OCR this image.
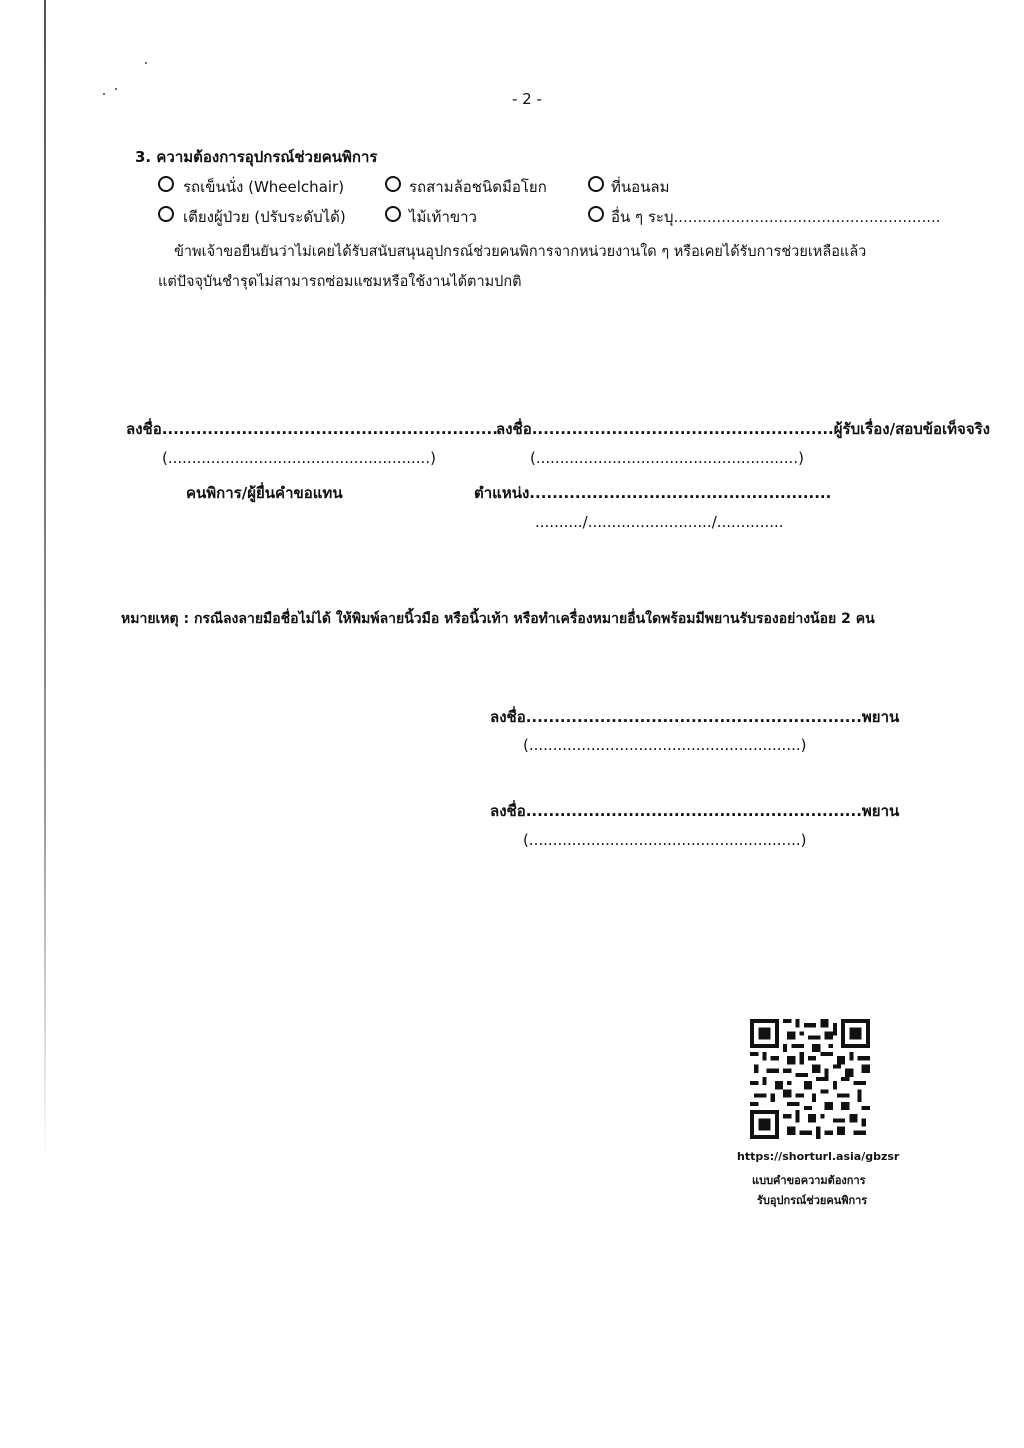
- 2 -
3. ความต้องการอุปกรณ์ช่วยคนพิการ
รถเข็นนั่ง (Wheelchair)	รถสามล้อชนิดมือโยก	ที่นอนลม
เตียงผู้ป่วย (ปรับระดับได้)	ไม้เท้าขาว	อื่น ๆ ระบุ........................................................
ข้าพเจ้าขอยืนยันว่าไม่เคยได้รับสนับสนุนอุปกรณ์ช่วยคนพิการจากหน่วยงานใด ๆ หรือเคยได้รับการช่วยเหลือแล้ว
แต่ปัจจุบันชำรุดไม่สามารถซ่อมแซมหรือใช้งานได้ตามปกติ
ลงชื่อ...........................................................
(.......................................................)
คนพิการ/ผู้ยื่นคำขอแทน
ลงชื่อ.....................................................ผู้รับเรื่อง/สอบข้อเท็จจริง
(.......................................................)
ตำแหน่ง.....................................................
........../........................../..............
หมายเหตุ : กรณีลงลายมือชื่อไม่ได้ ให้พิมพ์ลายนิ้วมือ หรือนิ้วเท้า หรือทำเครื่องหมายอื่นใดพร้อมมีพยานรับรองอย่างน้อย 2 คน
ลงชื่อ...........................................................พยาน
(.........................................................)
ลงชื่อ...........................................................พยาน
(.........................................................)
https://shorturl.asia/gbzsr
แบบคำขอความต้องการ
รับอุปกรณ์ช่วยคนพิการ
